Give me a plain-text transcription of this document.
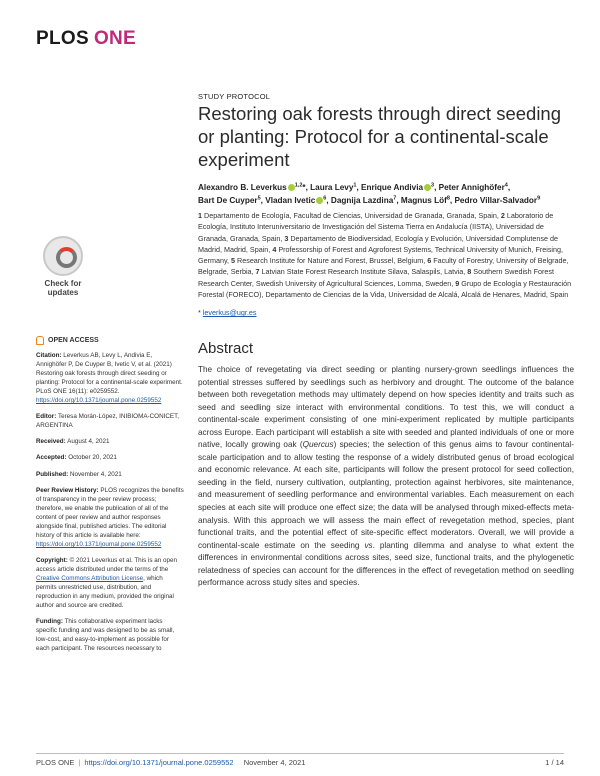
PLOS ONE
Check for
updates
OPEN ACCESS

Citation: Leverkus AB, Levy L, Andivia E, Annighöfer P, De Cuyper B, Ivetic V, et al. (2021) Restoring oak forests through direct seeding or planting: Protocol for a continental-scale experiment. PLoS ONE 16(11): e0259552. https://doi.org/10.1371/journal.pone.0259552

Editor: Teresa Morán-López, INIBIOMA-CONICET, ARGENTINA

Received: August 4, 2021

Accepted: October 20, 2021

Published: November 4, 2021

Peer Review History: PLOS recognizes the benefits of transparency in the peer review process; therefore, we enable the publication of all of the content of peer review and author responses alongside final, published articles. The editorial history of this article is available here: https://doi.org/10.1371/journal.pone.0259552

Copyright: © 2021 Leverkus et al. This is an open access article distributed under the terms of the Creative Commons Attribution License, which permits unrestricted use, distribution, and reproduction in any medium, provided the original author and source are credited.

Funding: This collaborative experiment lacks specific funding and was designed to be as small, low-cost, and easy-to-implement as possible for each participant. The resources necessary to

STUDY PROTOCOL
Restoring oak forests through direct seeding or planting: Protocol for a continental-scale experiment
Alexandro B. Leverkus $^{1,2}$*, Laura Levy$^1$, Enrique Andivia $^3$, Peter Annighöfer$^4$, Bart De Cuyper$^5$, Vladan Ivetic $^6$, Dagnija Lazdina$^7$, Magnus Löf$^8$, Pedro Villar-Salvador$^9$
1 Departamento de Ecología, Facultad de Ciencias, Universidad de Granada, Granada, Spain, 2 Laboratorio de Ecología, Instituto Interuniversitario de Investigación del Sistema Tierra en Andalucía (IISTA), Universidad de Granada, Granada, Spain, 3 Departamento de Biodiversidad, Ecología y Evolución, Universidad Complutense de Madrid, Madrid, Spain, 4 Professorship of Forest and Agroforest Systems, Technical University of Munich, Freising, Germany, 5 Research Institute for Nature and Forest, Brussel, Belgium, 6 Faculty of Forestry, University of Belgrade, Belgrade, Serbia, 7 Latvian State Forest Research Institute Silava, Salaspils, Latvia, 8 Southern Swedish Forest Research Center, Swedish University of Agricultural Sciences, Lomma, Sweden, 9 Grupo de Ecología y Restauración Forestal (FORECO), Departamento de Ciencias de la Vida, Universidad de Alcalá, Alcalá de Henares, Madrid, Spain
* leverkus@ugr.es
Abstract
The choice of revegetating via direct seeding or planting nursery-grown seedlings influences the potential stresses suffered by seedlings such as herbivory and drought. The outcome of the balance between both revegetation methods may ultimately depend on how species identity and traits such as seed and seedling size interact with environmental conditions. To test this, we will conduct a continental-scale experiment consisting of one mini-experiment replicated by multiple participants across Europe. Each participant will establish a site with seeded and planted individuals of one or more native, locally growing oak (Quercus) species; the selection of this genus aims to favour continental-scale participation and to allow testing the response of a widely distributed genus of broad ecological and economic relevance. At each site, participants will follow the present protocol for seed collection, seeding in the field, nursery cultivation, outplanting, protection against herbivores, site maintenance, and measurement of seedling performance and environmental variables. Each measurement on each species at each site will produce one effect size; the data will be analysed through mixed-effects meta-analysis. With this approach we will assess the main effect of revegetation method, species, plant functional traits, and the potential effect of site-specific effect moderators. Overall, we will provide a continental-scale estimate on the seeding vs. planting dilemma and analyse to what extent the differences in environmental conditions across sites, seed size, functional traits, and the phylogenetic relatedness of species can account for the differences in the effect of revegetation method on seedling performance across study sites and species.
PLOS ONE | https://doi.org/10.1371/journal.pone.0259552 November 4, 2021	1 / 14
